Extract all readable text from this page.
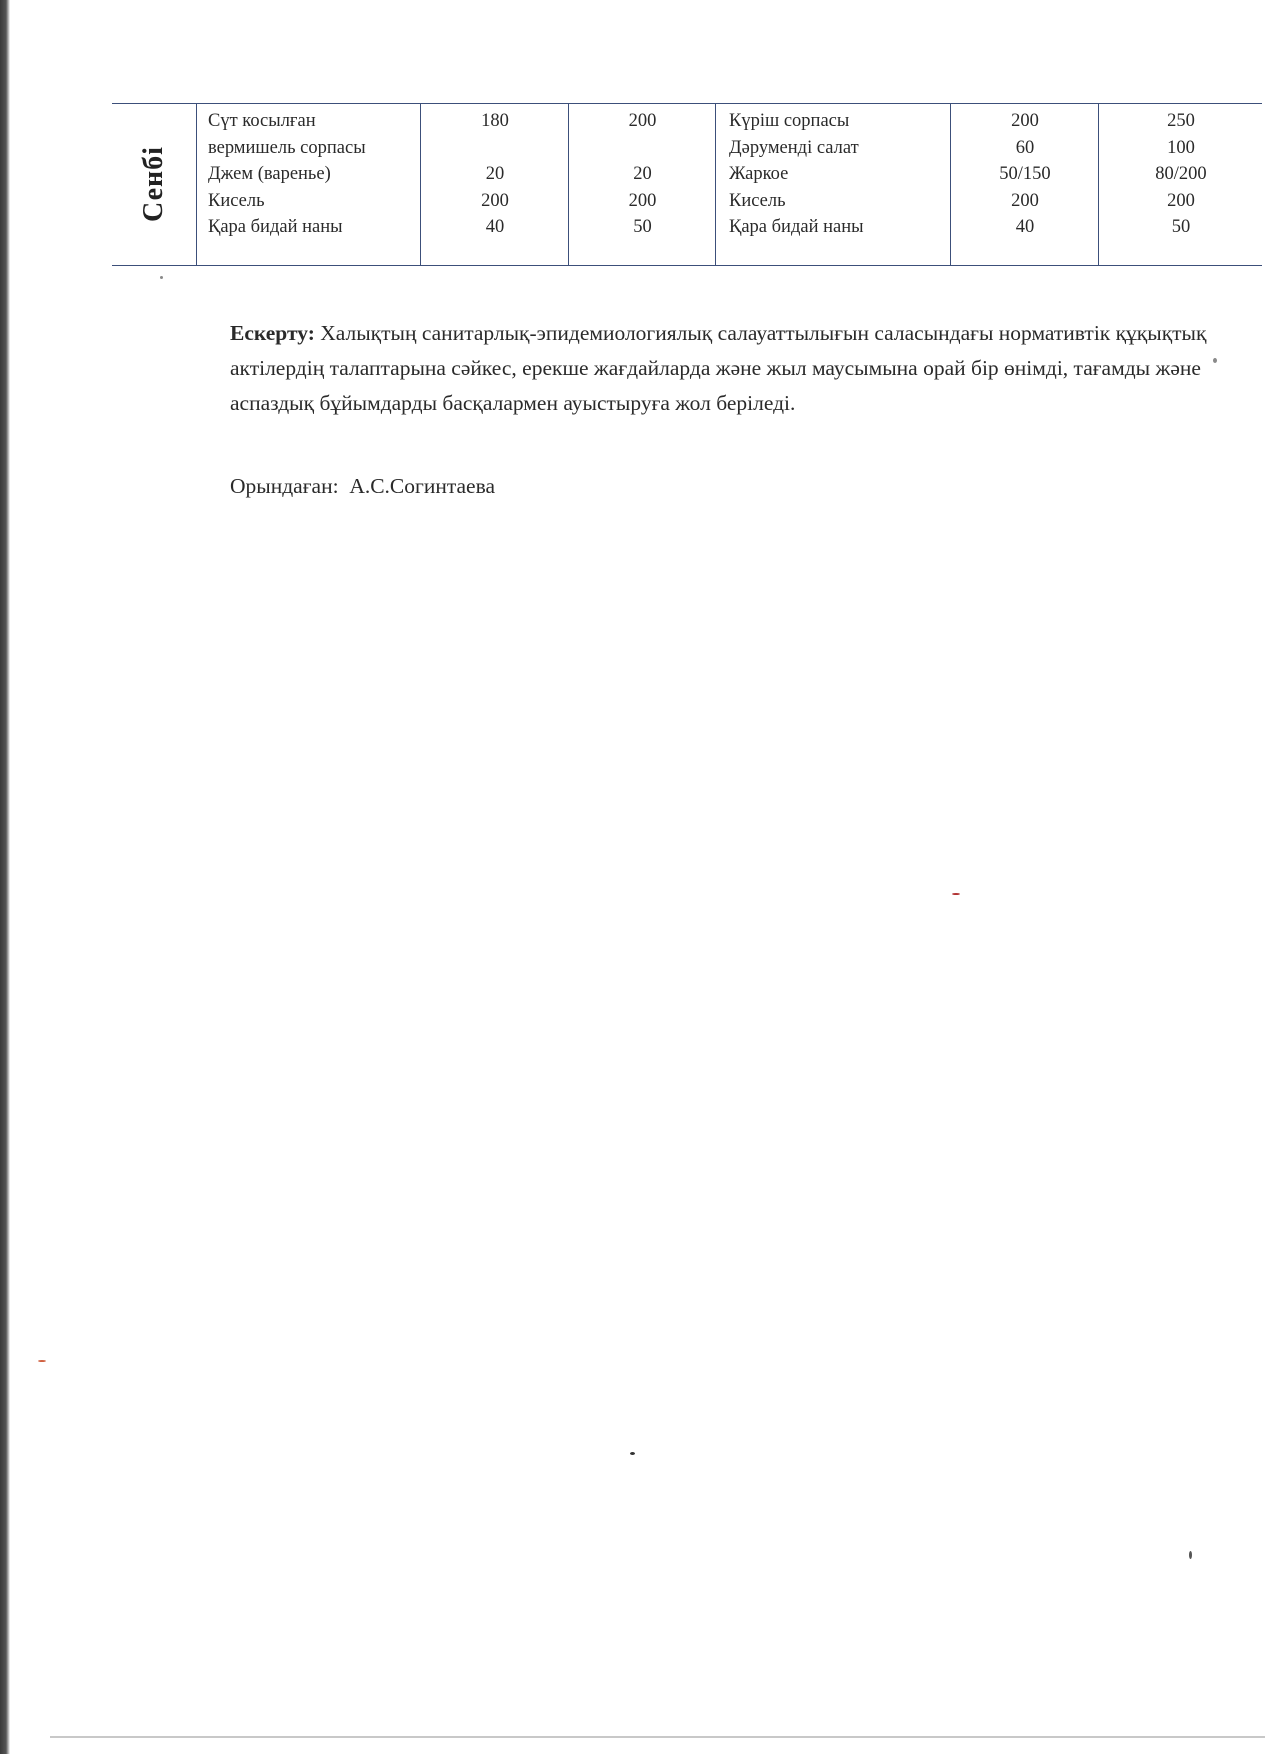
Сенбі
Сүт косылған
вермишель сорпасы
Джем (варенье)
Кисель
Қара бидай наны
180
20
200
40
200
20
200
50
Күріш сорпасы
Дәруменді салат
Жаркое
Кисель
Қара бидай наны
200
60
50/150
200
40
250
100
80/200
200
50

Ескерту: Халықтың санитарлық-эпидемиологиялық салауаттылығын саласындағы нормативтік құқықтық актілердің талаптарына сәйкес, ерекше жағдайларда және жыл маусымына орай бір өнімді, тағамды және аспаздық бұйымдарды басқалармен ауыстыруға жол беріледі.

Орындаған: А.С.Согинтаева
